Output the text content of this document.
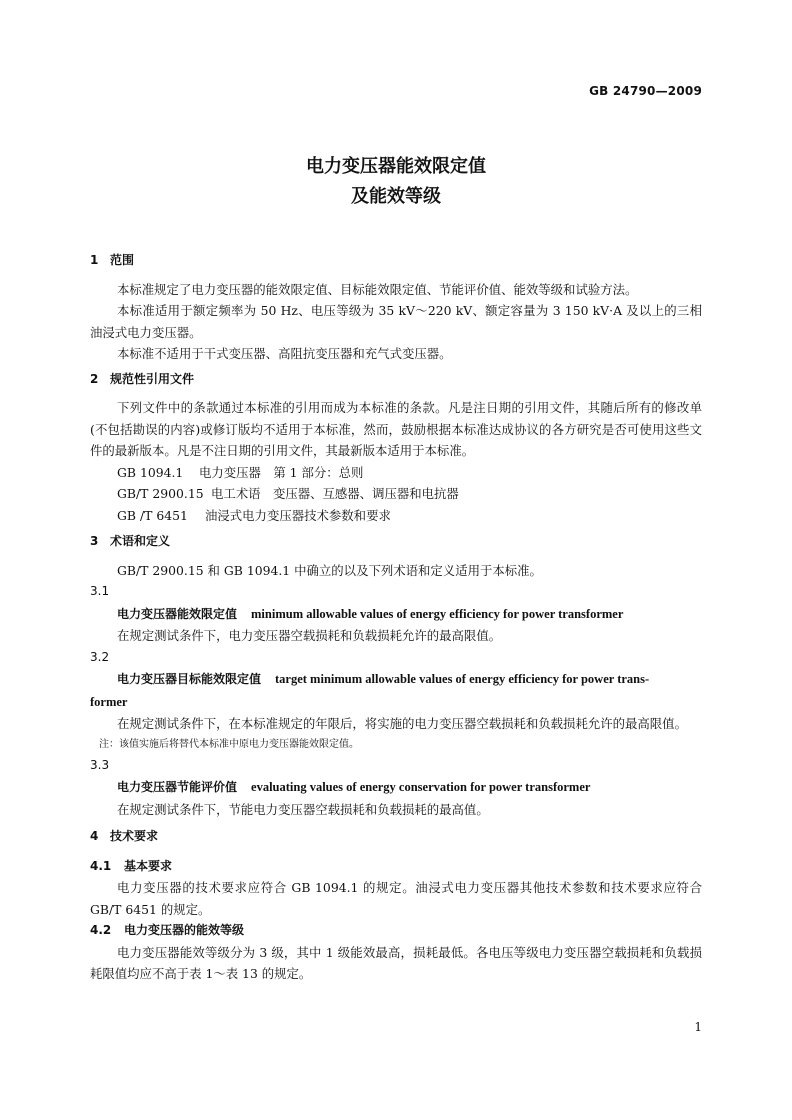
GB 24790—2009
电力变压器能效限定值
及能效等级
1 范围
本标准规定了电力变压器的能效限定值、目标能效限定值、节能评价值、能效等级和试验方法。
本标准适用于额定频率为 50 Hz、电压等级为 35 kV～220 kV、额定容量为 3 150 kV·A 及以上的三相油浸式电力变压器。
本标准不适用于干式变压器、高阻抗变压器和充气式变压器。
2 规范性引用文件
下列文件中的条款通过本标准的引用而成为本标准的条款。凡是注日期的引用文件，其随后所有的修改单(不包括勘误的内容)或修订版均不适用于本标准，然而，鼓励根据本标准达成协议的各方研究是否可使用这些文件的最新版本。凡是不注日期的引用文件，其最新版本适用于本标准。
GB 1094.1 电力变压器　第 1 部分：总则
GB/T 2900.15 电工术语　变压器、互感器、调压器和电抗器
GB /T 6451 油浸式电力变压器技术参数和要求
3 术语和定义
GB/T 2900.15 和 GB 1094.1 中确立的以及下列术语和定义适用于本标准。
3.1
电力变压器能效限定值 minimum allowable values of energy efficiency for power transformer
在规定测试条件下，电力变压器空载损耗和负载损耗允许的最高限值。
3.2
电力变压器目标能效限定值 target minimum allowable values of energy efficiency for power trans-
former
在规定测试条件下，在本标准规定的年限后，将实施的电力变压器空载损耗和负载损耗允许的最高限值。
注：该值实施后将替代本标准中原电力变压器能效限定值。
3.3
电力变压器节能评价值 evaluating values of energy conservation for power transformer
在规定测试条件下，节能电力变压器空载损耗和负载损耗的最高值。
4 技术要求
4.1 基本要求
电力变压器的技术要求应符合 GB 1094.1 的规定。油浸式电力变压器其他技术参数和技术要求应符合 GB/T 6451 的规定。
4.2 电力变压器的能效等级
电力变压器能效等级分为 3 级，其中 1 级能效最高，损耗最低。各电压等级电力变压器空载损耗和负载损耗限值均应不高于表 1～表 13 的规定。
1
